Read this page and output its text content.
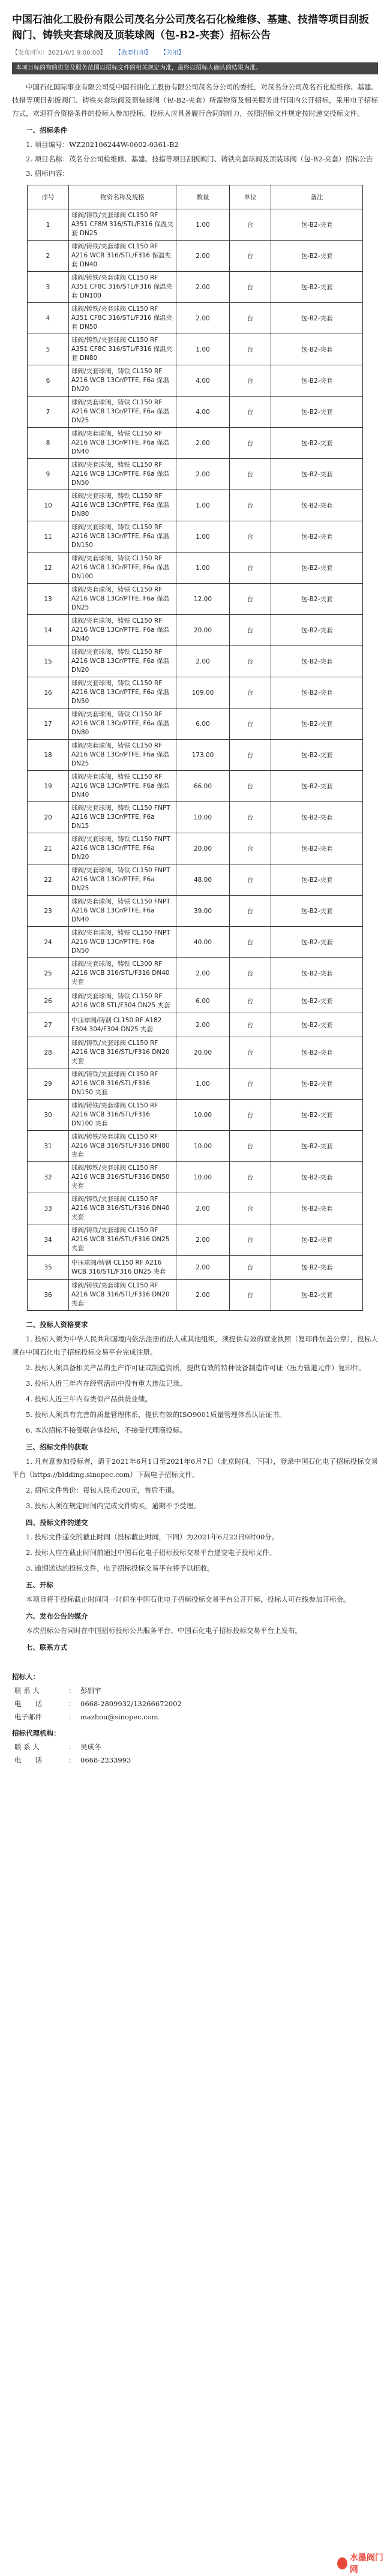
中国石油化工股份有限公司茂名分公司茂名石化检维修、基建、技措等项目刮扳阀门、铸铁夹套球阀及顶装球阀（包-B2-夹套）招标公告
【发布时间：2021/6/1 9:00:00】 【我要打印】 【关闭】
本项目标的物的供货及服务范围以招标文件的相关规定为准，最终以招标人确认的结果为准。

中国石化国际事业有限公司受中国石油化工股份有限公司茂名分公司的委托，对茂名分公司茂名石化检维修、基建、技措等项目刮扳阀门、铸铁夹套球阀及顶装球阀（包-B2-夹套）所需物资及相关服务进行国内公开招标，采用电子招标方式，欢迎符合资格条件的投标人参加投标。投标人应具备履行合同的能力，按照招标文件规定按时递交投标文件。

一、招标条件

1. 项目编号：WZ202106244W-0602-0361-B2

2. 项目名称：茂名分公司检维修、基建、技措等项目刮扳阀门、铸铁夹套球阀及顶装球阀（包-B2-夹套）招标公告

3. 招标内容：

序号	物资名称及规格	数量	单位	备注
1	球阀/铸铁/夹套球阀 CL150 RF A351 CF8M 316/STL/F316 保温夹套 DN25	1.00	台	包-B2-夹套
2	球阀/铸铁/夹套球阀 CL150 RF A216 WCB 316/STL/F316 保温夹套 DN40	2.00	台	包-B2-夹套
3	球阀/铸铁/夹套球阀 CL150 RF A351 CF8C 316/STL/F316 保温夹套 DN100	2.00	台	包-B2-夹套
4	球阀/铸铁/夹套球阀 CL150 RF A351 CF8C 316/STL/F316 保温夹套 DN50	2.00	台	包-B2-夹套
5	球阀/铸铁/夹套球阀 CL150 RF A351 CF8C 316/STL/F316 保温夹套 DN80	1.00	台	包-B2-夹套
6	球阀/夹套球阀，铸铁 CL150 RF A216 WCB 13Cr/PTFE, F6a 保温 DN20	4.00	台	包-B2-夹套
7	球阀/夹套球阀，铸铁 CL150 RF A216 WCB 13Cr/PTFE, F6a 保温 DN25	4.00	台	包-B2-夹套
8	球阀/夹套球阀，铸铁 CL150 RF A216 WCB 13Cr/PTFE, F6a 保温 DN40	2.00	台	包-B2-夹套
9	球阀/夹套球阀，铸铁 CL150 RF A216 WCB 13Cr/PTFE, F6a 保温 DN50	2.00	台	包-B2-夹套
10	球阀/夹套球阀，铸铁 CL150 RF A216 WCB 13Cr/PTFE, F6a 保温 DN80	1.00	台	包-B2-夹套
11	球阀/夹套球阀，铸铁 CL150 RF A216 WCB 13Cr/PTFE, F6a 保温 DN150	1.00	台	包-B2-夹套
12	球阀/夹套球阀，铸铁 CL150 RF A216 WCB 13Cr/PTFE, F6a 保温 DN100	1.00	台	包-B2-夹套
13	球阀/夹套球阀，铸铁 CL150 RF A216 WCB 13Cr/PTFE, F6a 保温 DN25	12.00	台	包-B2-夹套
14	球阀/夹套球阀，铸铁 CL150 RF A216 WCB 13Cr/PTFE, F6a 保温 DN40	20.00	台	包-B2-夹套
15	球阀/夹套球阀，铸铁 CL150 RF A216 WCB 13Cr/PTFE, F6a 保温 DN20	2.00	台	包-B2-夹套
16	球阀/夹套球阀，铸铁 CL150 RF A216 WCB 13Cr/PTFE, F6a 保温 DN50	109.00	台	包-B2-夹套
17	球阀/夹套球阀，铸铁 CL150 RF A216 WCB 13Cr/PTFE, F6a 保温 DN80	6.00	台	包-B2-夹套
18	球阀/夹套球阀，铸铁 CL150 RF A216 WCB 13Cr/PTFE, F6a 保温 DN25	173.00	台	包-B2-夹套
19	球阀/夹套球阀，铸铁 CL150 RF A216 WCB 13Cr/PTFE, F6a 保温 DN40	66.00	台	包-B2-夹套
20	球阀/夹套球阀，铸铁 CL150 FNPT A216 WCB 13Cr/PTFE, F6a DN15	10.00	台	包-B2-夹套
21	球阀/夹套球阀，铸铁 CL150 FNPT A216 WCB 13Cr/PTFE, F6a DN20	20.00	台	包-B2-夹套
22	球阀/夹套球阀，铸铁 CL150 FNPT A216 WCB 13Cr/PTFE, F6a DN25	48.00	台	包-B2-夹套
23	球阀/夹套球阀，铸铁 CL150 FNPT A216 WCB 13Cr/PTFE, F6a DN40	39.00	台	包-B2-夹套
24	球阀/夹套球阀，铸铁 CL150 FNPT A216 WCB 13Cr/PTFE, F6a DN50	40.00	台	包-B2-夹套
25	球阀/夹套球阀，铸铁 CL300 RF A216 WCB 316/STL/F316 DN40 夹套	2.00	台	包-B2-夹套
26	球阀/夹套球阀，铸铁 CL150 RF A216 WCB STL/F304 DN25 夹套	6.00	台	包-B2-夹套
27	中压球阀/铸钢 CL150 RF A182 F304 304/F304 DN25 夹套	2.00	台	包-B2-夹套
28	球阀/铸铁/夹套球阀 CL150 RF A216 WCB 316/STL/F316 DN20 夹套	20.00	台	包-B2-夹套
29	球阀/铸铁/夹套球阀 CL150 RF A216 WCB 316/STL/F316 DN150 夹套	1.00	台	包-B2-夹套
30	球阀/铸铁/夹套球阀 CL150 RF A216 WCB 316/STL/F316 DN100 夹套	10.00	台	包-B2-夹套
31	球阀/铸铁/夹套球阀 CL150 RF A216 WCB 316/STL/F316 DN80 夹套	10.00	台	包-B2-夹套
32	球阀/铸铁/夹套球阀 CL150 RF A216 WCB 316/STL/F316 DN50 夹套	10.00	台	包-B2-夹套
33	球阀/铸铁/夹套球阀 CL150 RF A216 WCB 316/STL/F316 DN40 夹套	2.00	台	包-B2-夹套
34	球阀/铸铁/夹套球阀 CL150 RF A216 WCB 316/STL/F316 DN25 夹套	2.00	台	包-B2-夹套
35	中压球阀/铸钢 CL150 RF A216 WCB 316/STL/F316 DN25 夹套	2.00	台	包-B2-夹套
36	球阀/铸铁/夹套球阀 CL150 RF A216 WCB 316/STL/F316 DN20 夹套	2.00	台	包-B2-夹套

二、投标人资格要求

1. 投标人须为中华人民共和国境内依法注册的法人或其他组织，须提供有效的营业执照（复印件加盖公章），投标人须在中国石化电子招标投标交易平台完成注册。

2. 投标人须具备相关产品的生产许可证或制造资质，提供有效的特种设备制造许可证（压力管道元件）复印件。

3. 投标人近三年内在经营活动中没有重大违法记录。

4. 投标人近三年内有类似产品供货业绩。

5. 投标人须具有完善的质量管理体系，提供有效的ISO9001质量管理体系认证证书。

6. 本次招标不接受联合体投标，不接受代理商投标。

三、招标文件的获取

1. 凡有意参加投标者，请于2021年6月1日至2021年6月7日（北京时间，下同），登录中国石化电子招标投标交易平台（https://bidding.sinopec.com）下载电子招标文件。

2. 招标文件售价：每包人民币200元，售后不退。

3. 投标人须在规定时间内完成文件购买，逾期不予受理。

四、投标文件的递交

1. 投标文件递交的截止时间（投标截止时间，下同）为2021年6月22日9时00分。

2. 投标人应在截止时间前通过中国石化电子招标投标交易平台递交电子投标文件。

3. 逾期送达的投标文件，电子招标投标交易平台将予以拒收。

五、开标

本项目将于投标截止时间同一时间在中国石化电子招标投标交易平台公开开标，投标人可在线参加开标会。

六、发布公告的媒介

本次招标公告同时在中国招标投标公共服务平台、中国石化电子招标投标交易平台上发布。

七、联系方式

招标人：
联 系 人	： 彭副宇
电　　话	： 0668-2809932/13266672002
电子邮件	： mazhou@sinopec.com
招标代理机构：
联 系 人	： 吴成冬
电　　话	： 0668-2233993
水墨阀门网
